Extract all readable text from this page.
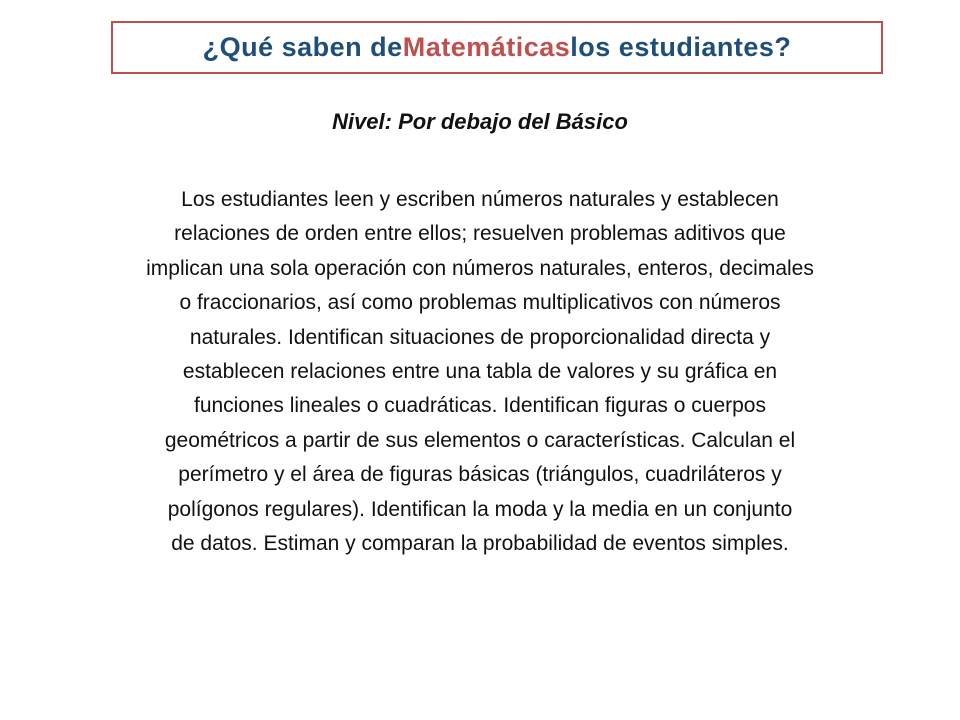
¿Qué saben de Matemáticas los estudiantes?
Nivel: Por debajo del Básico
Los estudiantes leen y escriben números naturales y establecen
relaciones de orden entre ellos; resuelven problemas aditivos que
implican una sola operación con números naturales, enteros, decimales
o fraccionarios, así como problemas multiplicativos con números
naturales. Identifican situaciones de proporcionalidad directa y
establecen relaciones entre una tabla de valores y su gráfica en
funciones lineales o cuadráticas. Identifican figuras o cuerpos
geométricos a partir de sus elementos o características. Calculan el
perímetro y el área de figuras básicas (triángulos, cuadriláteros y
polígonos regulares). Identifican la moda y la media en un conjunto
de datos. Estiman y comparan la probabilidad de eventos simples.
